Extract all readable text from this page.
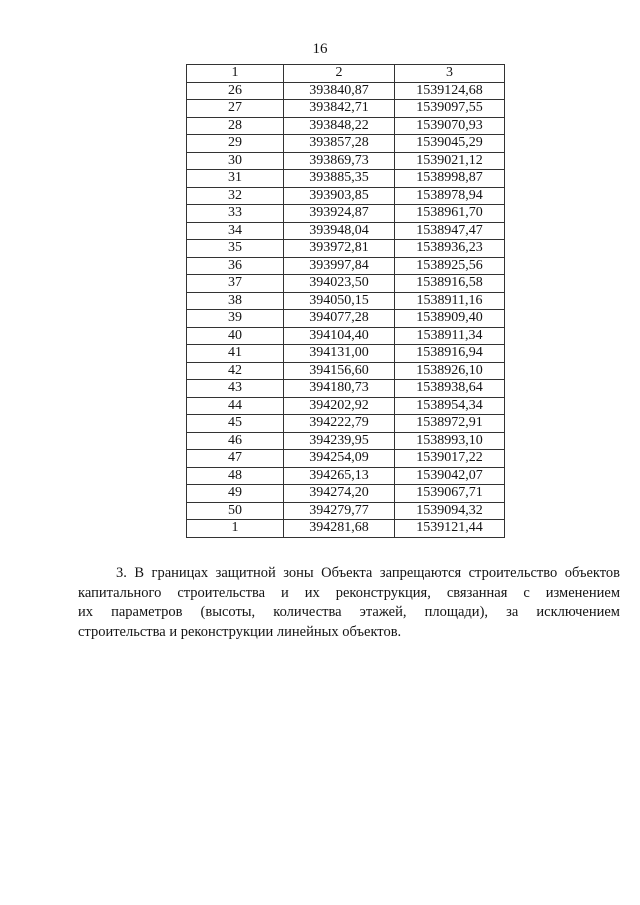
16
1	2	3
26	393840,87	1539124,68
27	393842,71	1539097,55
28	393848,22	1539070,93
29	393857,28	1539045,29
30	393869,73	1539021,12
31	393885,35	1538998,87
32	393903,85	1538978,94
33	393924,87	1538961,70
34	393948,04	1538947,47
35	393972,81	1538936,23
36	393997,84	1538925,56
37	394023,50	1538916,58
38	394050,15	1538911,16
39	394077,28	1538909,40
40	394104,40	1538911,34
41	394131,00	1538916,94
42	394156,60	1538926,10
43	394180,73	1538938,64
44	394202,92	1538954,34
45	394222,79	1538972,91
46	394239,95	1538993,10
47	394254,09	1539017,22
48	394265,13	1539042,07
49	394274,20	1539067,71
50	394279,77	1539094,32
1	394281,68	1539121,44
3. В границах защитной зоны Объекта запрещаются строительство объектов
капитального строительства и их реконструкция, связанная с изменением
их параметров (высоты, количества этажей, площади), за исключением
строительства и реконструкции линейных объектов.
